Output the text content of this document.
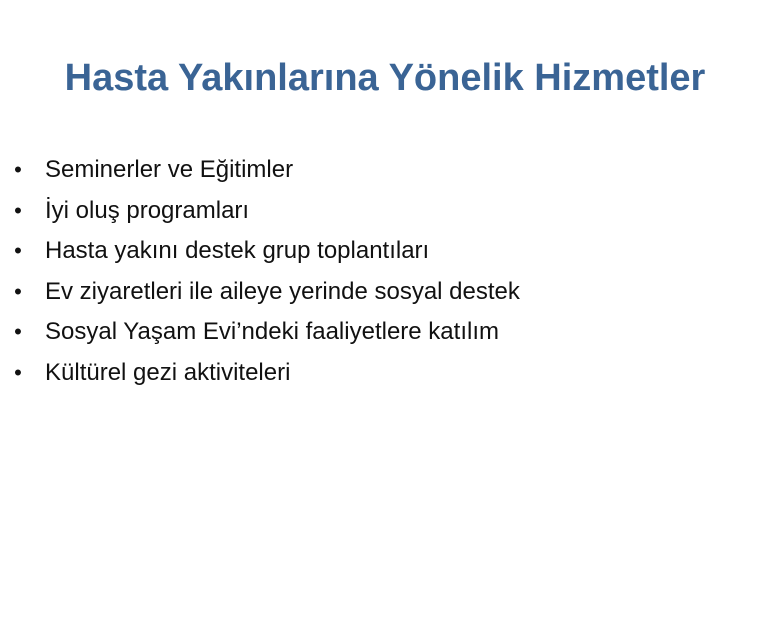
Hasta Yakınlarına Yönelik Hizmetler
• Seminerler ve Eğitimler
• İyi oluş programları
• Hasta yakını destek grup toplantıları
• Ev ziyaretleri ile aileye yerinde sosyal destek
• Sosyal Yaşam Evi’ndeki faaliyetlere katılım
• Kültürel gezi aktiviteleri
